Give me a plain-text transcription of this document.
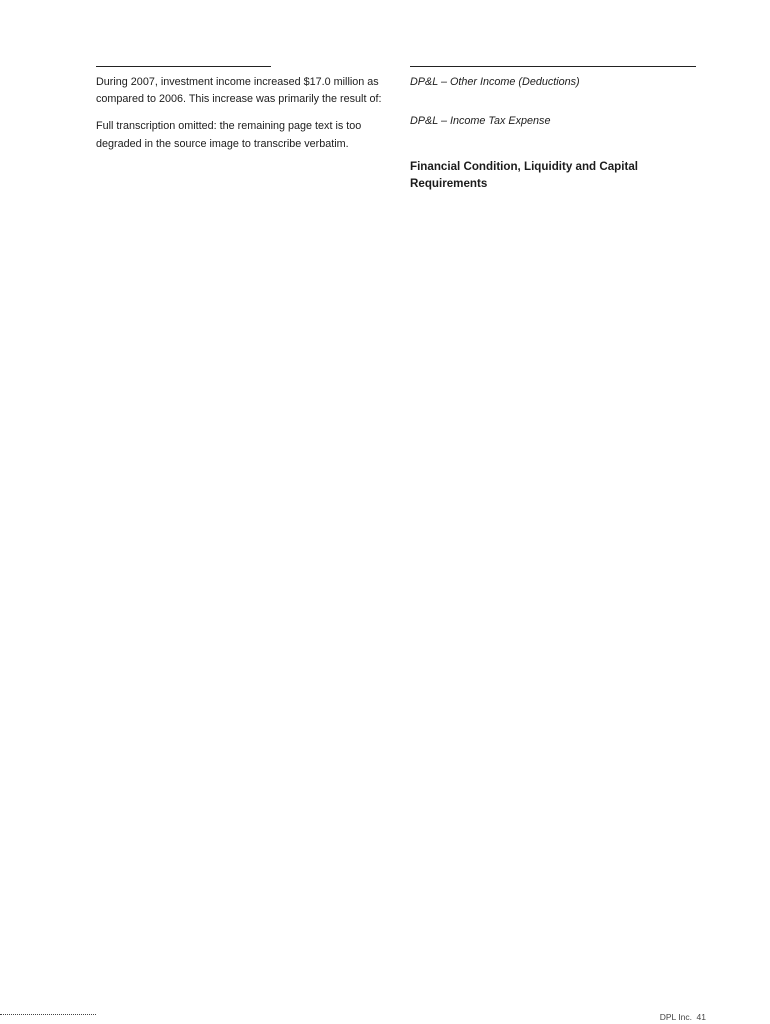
During 2007, investment income increased $17.0 million as compared to 2006. This increase was primarily the result of:

Full transcription omitted: the remaining page text is too degraded in the source image to transcribe verbatim.

DP&L – Other Income (Deductions)
DP&L – Income Tax Expense
Financial Condition, Liquidity and Capital Requirements
DPL Inc. 41
